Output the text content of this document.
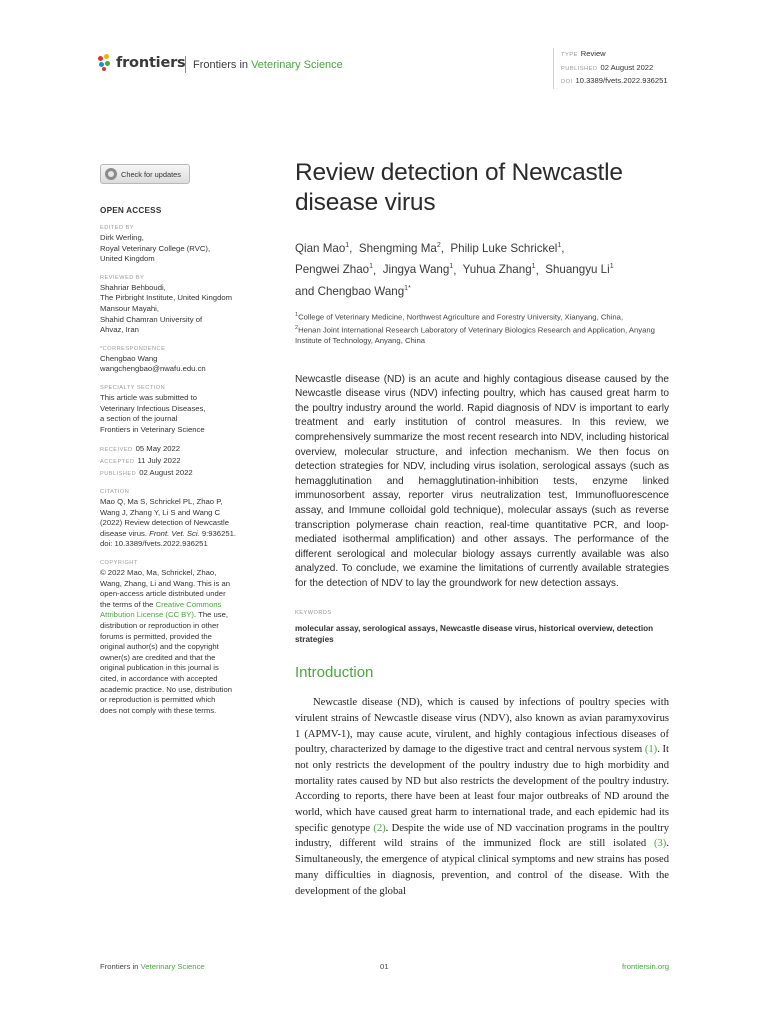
frontiers Frontiers in Veterinary Science
TYPE Review
PUBLISHED 02 August 2022
DOI 10.3389/fvets.2022.936251
Check for updates
OPEN ACCESS
EDITED BY
Dirk Werling,
Royal Veterinary College (RVC),
United Kingdom
REVIEWED BY
Shahriar Behboudi,
The Pirbright Institute, United Kingdom
Mansour Mayahi,
Shahid Chamran University of
Ahvaz, Iran
*CORRESPONDENCE
Chengbao Wang
wangchengbao@nwafu.edu.cn
SPECIALTY SECTION
This article was submitted to
Veterinary Infectious Diseases,
a section of the journal
Frontiers in Veterinary Science
RECEIVED 05 May 2022
ACCEPTED 11 July 2022
PUBLISHED 02 August 2022
CITATION
Mao Q, Ma S, Schrickel PL, Zhao P,
Wang J, Zhang Y, Li S and Wang C
(2022) Review detection of Newcastle
disease virus. Front. Vet. Sci. 9:936251.
doi: 10.3389/fvets.2022.936251
COPYRIGHT
© 2022 Mao, Ma, Schrickel, Zhao,
Wang, Zhang, Li and Wang. This is an
open-access article distributed under
the terms of the Creative Commons
Attribution License (CC BY). The use,
distribution or reproduction in other
forums is permitted, provided the
original author(s) and the copyright
owner(s) are credited and that the
original publication in this journal is
cited, in accordance with accepted
academic practice. No use, distribution
or reproduction is permitted which
does not comply with these terms.
Review detection of Newcastle disease virus
Qian Mao$^1$,  Shengming Ma$^2$,  Philip Luke Schrickel$^1$,
Pengwei Zhao$^1$,  Jingya Wang$^1$,  Yuhua Zhang$^1$,  Shuangyu Li$^1$
and Chengbao Wang$^{1*}$
$^1$College of Veterinary Medicine, Northwest Agriculture and Forestry University, Xianyang, China,
$^2$Henan Joint International Research Laboratory of Veterinary Biologics Research and Application, Anyang Institute of Technology, Anyang, China

Newcastle disease (ND) is an acute and highly contagious disease caused by the Newcastle disease virus (NDV) infecting poultry, which has caused great harm to the poultry industry around the world. Rapid diagnosis of NDV is important to early treatment and early institution of control measures. In this review, we comprehensively summarize the most recent research into NDV, including historical overview, molecular structure, and infection mechanism. We then focus on detection strategies for NDV, including virus isolation, serological assays (such as hemagglutination and hemagglutination-inhibition tests, enzyme linked immunosorbent assay, reporter virus neutralization test, Immunofluorescence assay, and Immune colloidal gold technique), molecular assays (such as reverse transcription polymerase chain reaction, real-time quantitative PCR, and loop-mediated isothermal amplification) and other assays. The performance of the different serological and molecular biology assays currently available was also analyzed. To conclude, we examine the limitations of currently available strategies for the detection of NDV to lay the groundwork for new detection assays.

KEYWORDS
molecular assay, serological assays, Newcastle disease virus, historical overview, detection strategies
Introduction

Newcastle disease (ND), which is caused by infections of poultry species with virulent strains of Newcastle disease virus (NDV), also known as avian paramyxovirus 1 (APMV-1), may cause acute, virulent, and highly contagious infectious diseases of poultry, characterized by damage to the digestive tract and central nervous system (1). It not only restricts the development of the poultry industry due to high morbidity and mortality rates caused by ND but also restricts the development of the poultry industry. According to reports, there have been at least four major outbreaks of ND around the world, which have caused great harm to international trade, and each epidemic had its specific genotype (2). Despite the wide use of ND vaccination programs in the poultry industry, different wild strains of the immunized flock are still isolated (3). Simultaneously, the emergence of atypical clinical symptoms and new strains has posed many difficulties in diagnosis, prevention, and control of the disease. With the development of the global

Frontiers in Veterinary Science	01	frontiersin.org
